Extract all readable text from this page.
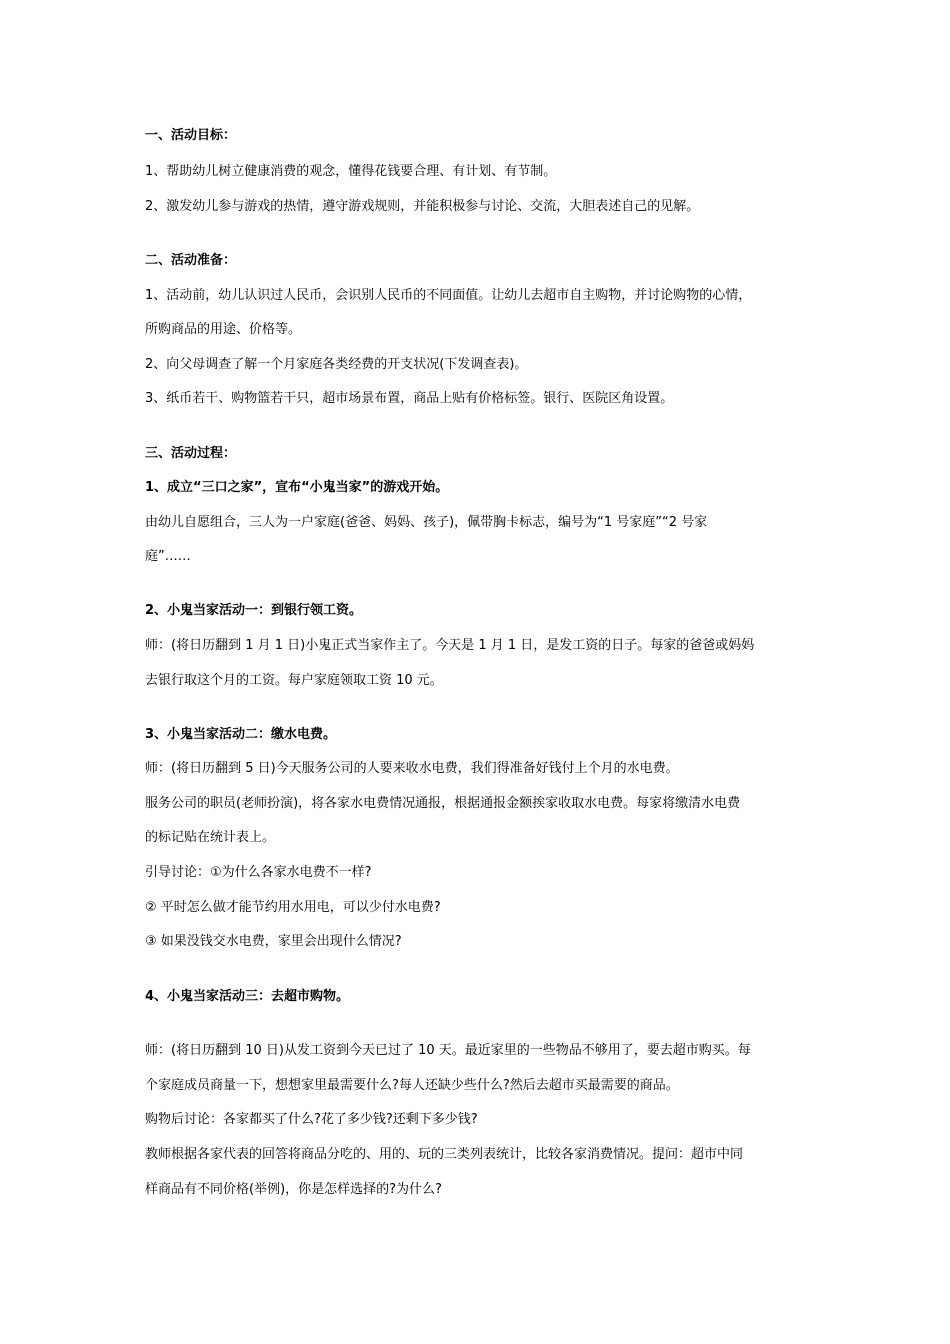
一、活动目标：

1、帮助幼儿树立健康消费的观念，懂得花钱要合理、有计划、有节制。

2、激发幼儿参与游戏的热情，遵守游戏规则，并能积极参与讨论、交流，大胆表述自己的见解。

二、活动准备：

1、活动前，幼儿认识过人民币，会识别人民币的不同面值。让幼儿去超市自主购物，并讨论购物的心情，

所购商品的用途、价格等。

2、向父母调查了解一个月家庭各类经费的开支状况(下发调查表)。

3、纸币若干、购物篮若干只，超市场景布置，商品上贴有价格标签。银行、医院区角设置。

三、活动过程：

1、成立“三口之家”，宣布“小鬼当家”的游戏开始。

由幼儿自愿组合，三人为一户家庭(爸爸、妈妈、孩子)，佩带胸卡标志，编号为“1 号家庭”“2 号家

庭”……

2、小鬼当家活动一：到银行领工资。

师：(将日历翻到 1 月 1 日)小鬼正式当家作主了。今天是 1 月 1 日，是发工资的日子。每家的爸爸或妈妈

去银行取这个月的工资。每户家庭领取工资 10 元。

3、小鬼当家活动二：缴水电费。

师：(将日历翻到 5 日)今天服务公司的人要来收水电费，我们得准备好钱付上个月的水电费。

服务公司的职员(老师扮演)，将各家水电费情况通报，根据通报金额挨家收取水电费。每家将缴清水电费

的标记贴在统计表上。

引导讨论：①为什么各家水电费不一样?

② 平时怎么做才能节约用水用电，可以少付水电费?

③ 如果没钱交水电费，家里会出现什么情况?

4、小鬼当家活动三：去超市购物。

师：(将日历翻到 10 日)从发工资到今天已过了 10 天。最近家里的一些物品不够用了，要去超市购买。每

个家庭成员商量一下，想想家里最需要什么?每人还缺少些什么?然后去超市买最需要的商品。

购物后讨论：各家都买了什么?花了多少钱?还剩下多少钱?

教师根据各家代表的回答将商品分吃的、用的、玩的三类列表统计，比较各家消费情况。提问：超市中同

样商品有不同价格(举例)，你是怎样选择的?为什么?
